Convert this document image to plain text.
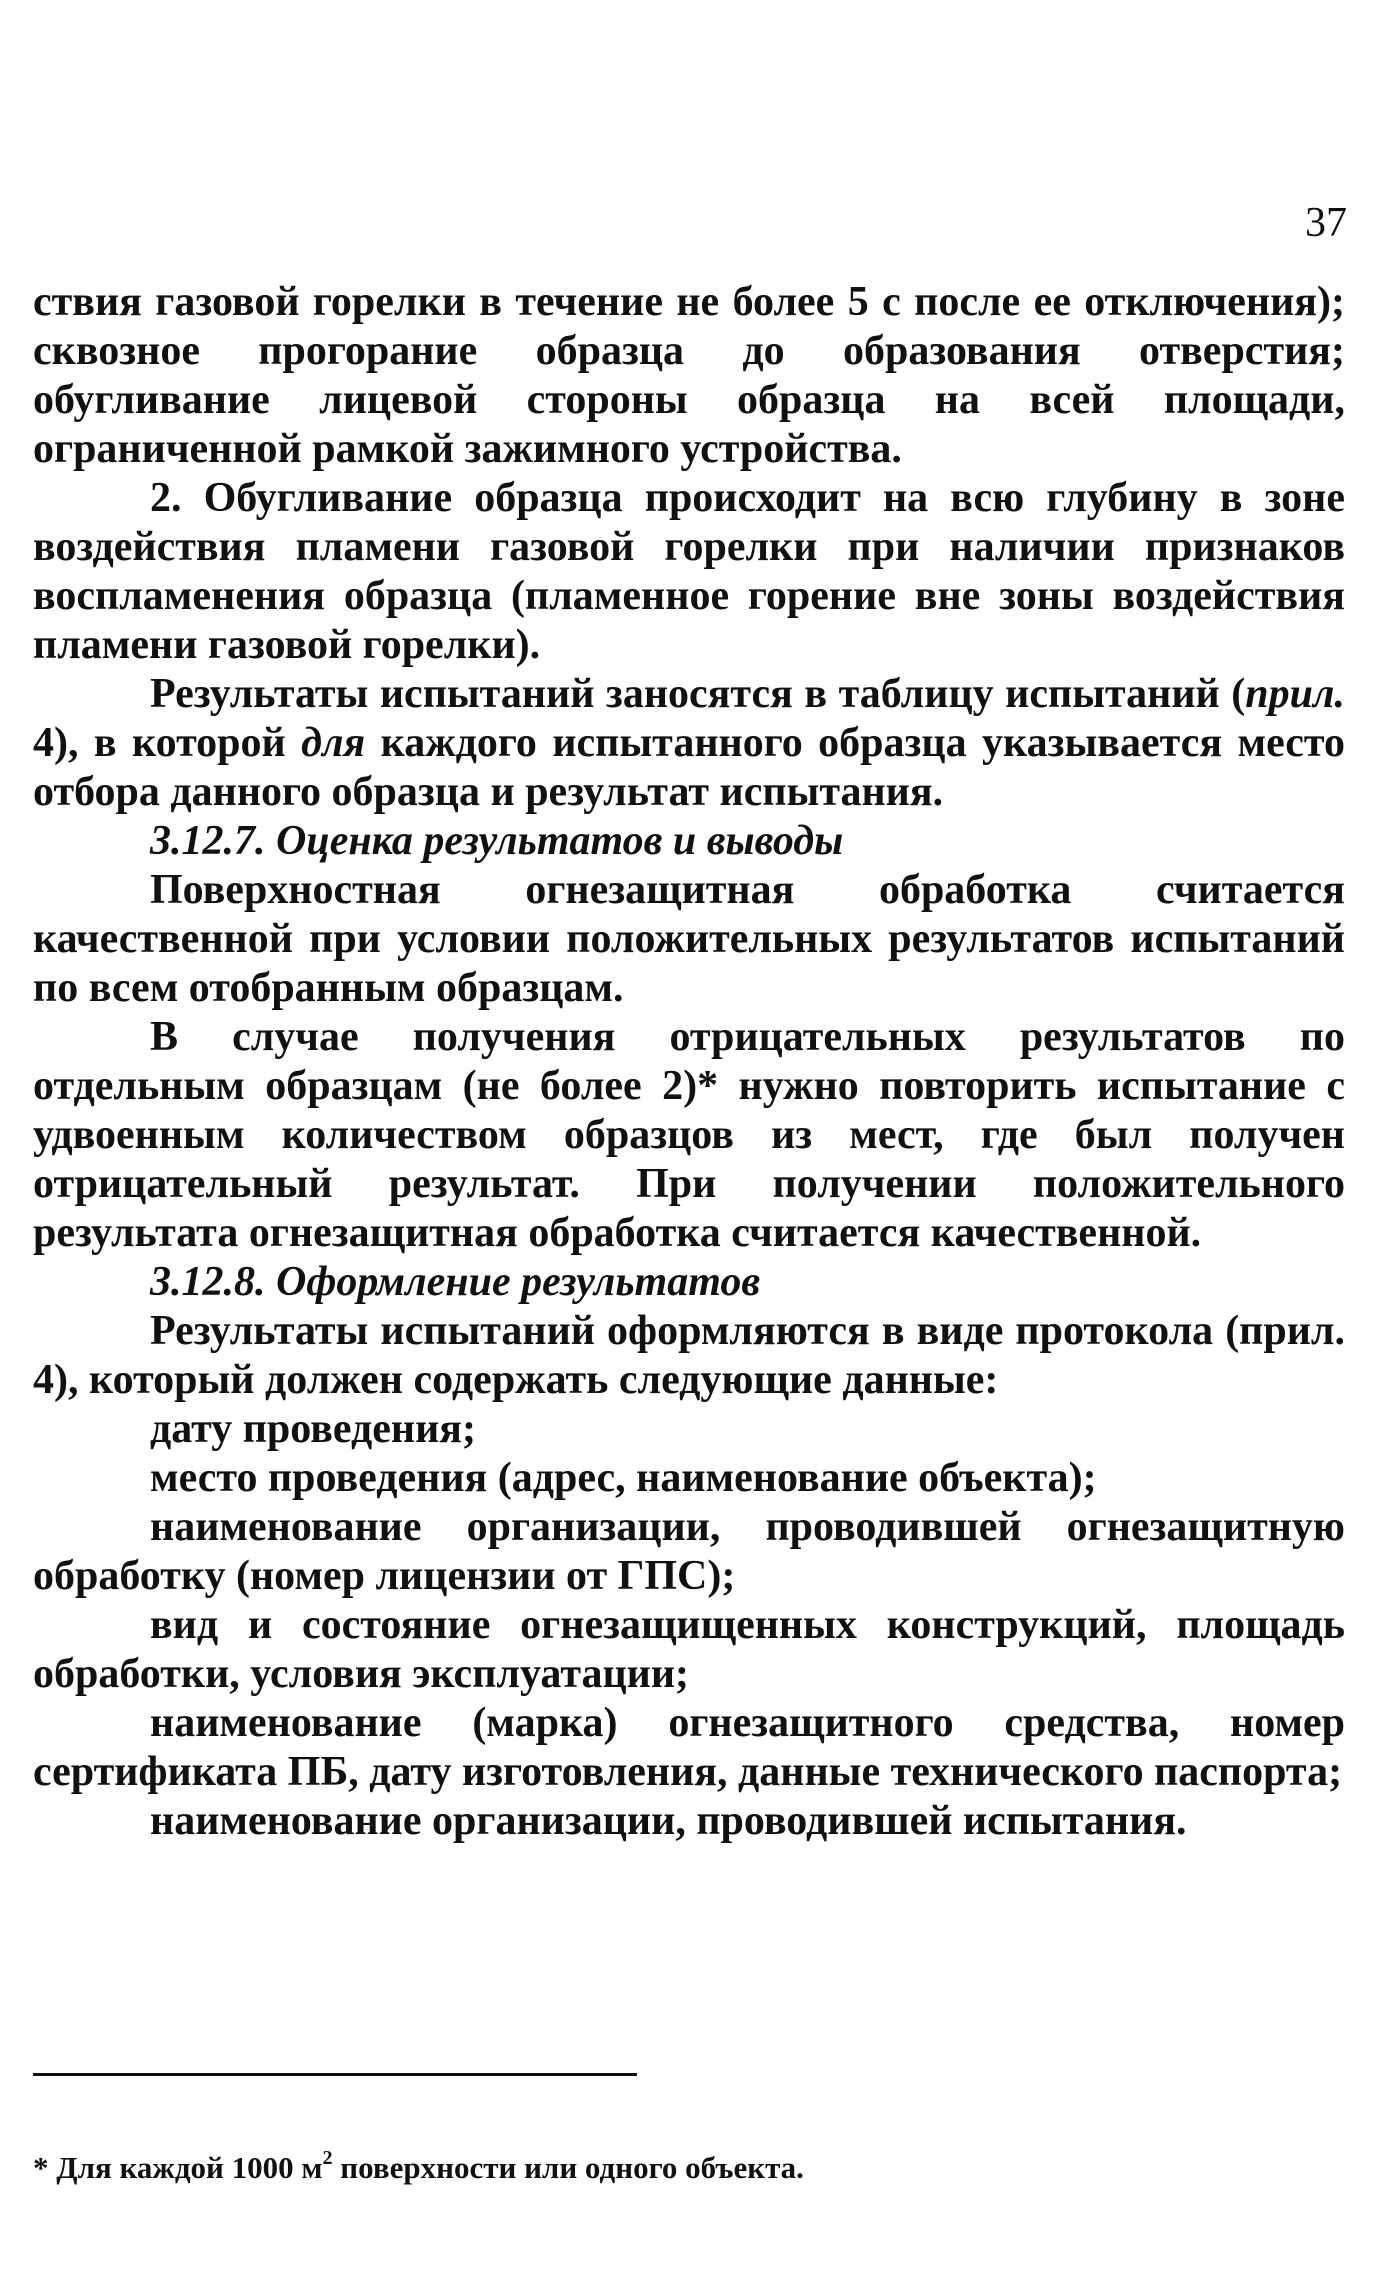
37

ствия газовой горелки в течение не более 5 с после ее отключения); сквозное прогорание образца до образования отверстия; обугливание лицевой стороны образца на всей площади, ограниченной рамкой зажимного устройства.

2. Обугливание образца происходит на всю глубину в зоне воздействия пламени газовой горелки при наличии признаков воспламенения образца (пламенное горение вне зоны воздействия пламени газовой горелки).

Результаты испытаний заносятся в таблицу испытаний (прил. 4), в которой для каждого испытанного образца указывается место отбора данного образца и результат испытания.

3.12.7. Оценка результатов и выводы

Поверхностная огнезащитная обработка считается качественной при условии положительных результатов испытаний по всем отобранным образцам.

В случае получения отрицательных результатов по отдельным образцам (не более 2)* нужно повторить испытание с удвоенным количеством образцов из мест, где был получен отрицательный результат. При получении положительного результата огнезащитная обработка считается качественной.

3.12.8. Оформление результатов

Результаты испытаний оформляются в виде протокола (прил. 4), который должен содержать следующие данные:

дату проведения;

место проведения (адрес, наименование объекта);

наименование организации, проводившей огнезащитную обработку (номер лицензии от ГПС);

вид и состояние огнезащищенных конструкций, площадь обработки, условия эксплуатации;

наименование (марка) огнезащитного средства, номер сертификата ПБ, дату изготовления, данные технического паспорта;

наименование организации, проводившей испытания.

* Для каждой 1000 $м^2$ поверхности или одного объекта.
